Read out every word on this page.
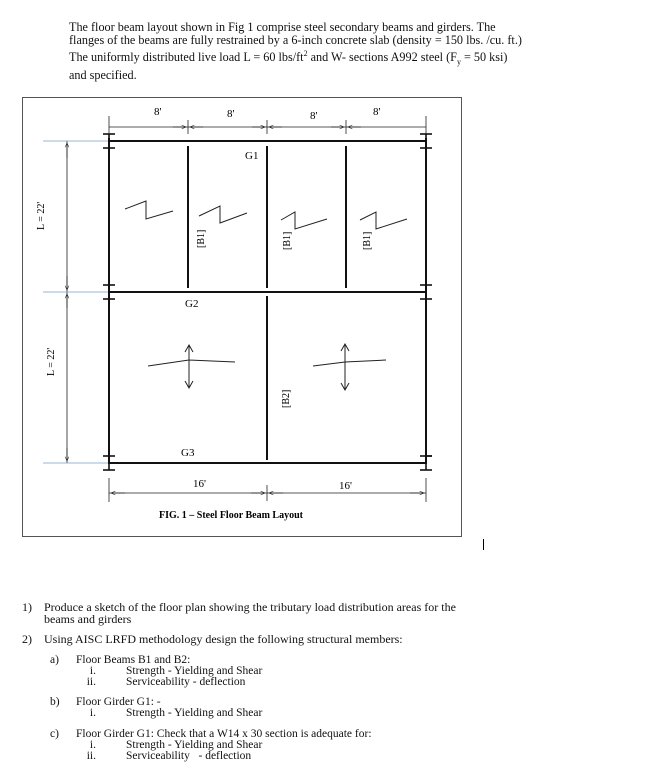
The floor beam layout shown in Fig 1 comprise steel secondary beams and girders. The
flanges of the beams are fully restrained by a 6-inch concrete slab (density = 150 lbs. /cu. ft.)
The uniformly distributed live load L = 60 lbs/$ft^2$ and W- sections A992 steel ($F_y = 50$ ksi)
and specified.
8'	8'	8'	8'
L = 22'
L = 22'
G1
G2
G3
[B1]	[B1]	[B1]
[B2]
16'	16'
FIG. 1 – Steel Floor Beam Layout
1) Produce a sketch of the floor plan showing the tributary load distribution areas for the
beams and girders
2) Using AISC LRFD methodology design the following structural members:
a) Floor Beams B1 and B2:
i.	Strength - Yielding and Shear
ii.	Serviceability - deflection
b) Floor Girder G1: -
i.	Strength - Yielding and Shear
c) Floor Girder G1: Check that a W14 x 30 section is adequate for:
i.	Strength - Yielding and Shear
ii.	Serviceability   - deflection
